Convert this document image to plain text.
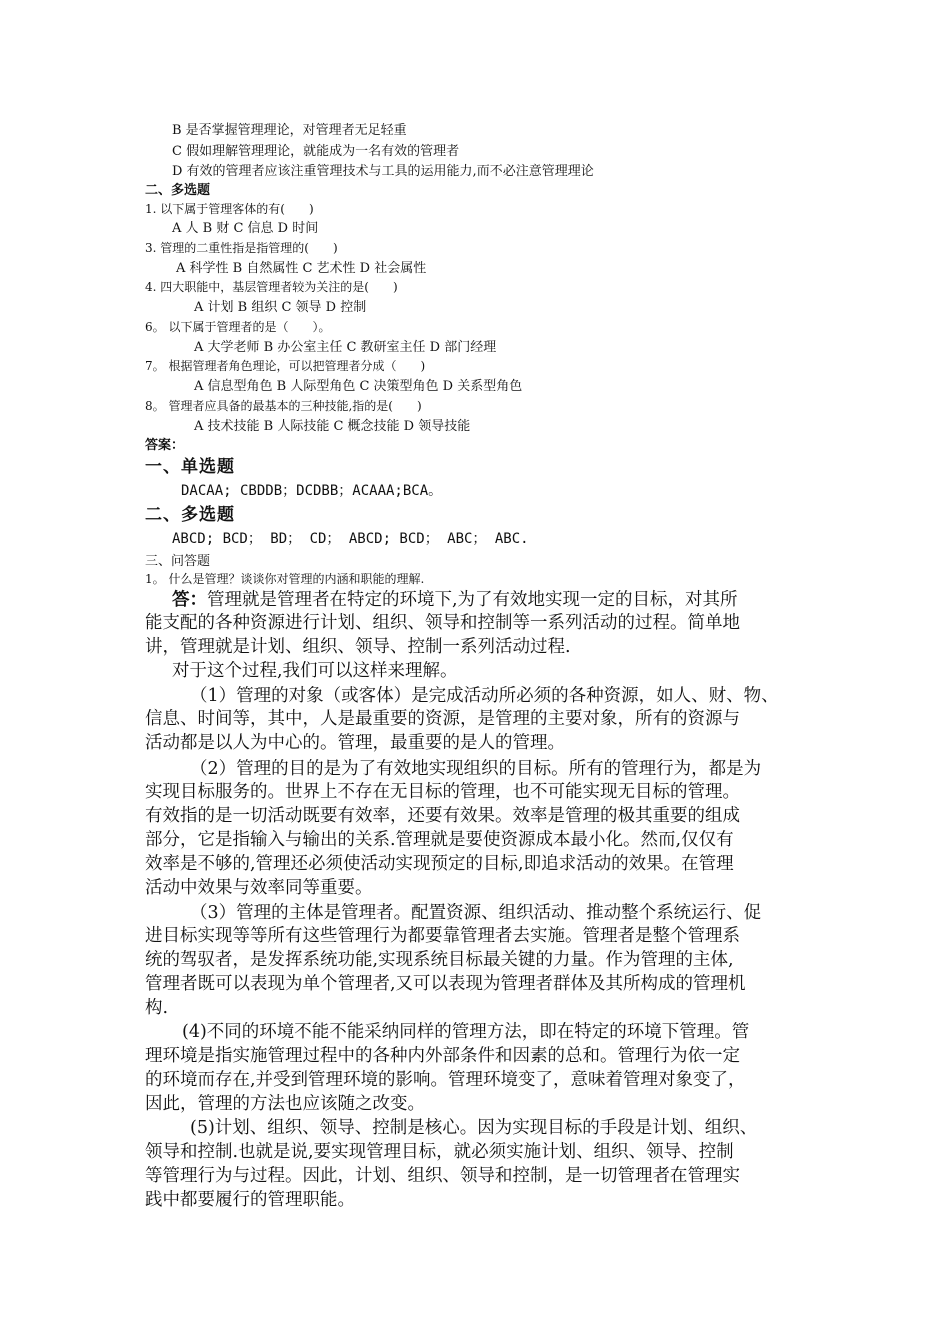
B 是否掌握管理理论，对管理者无足轻重
C 假如理解管理理论，就能成为一名有效的管理者
D 有效的管理者应该注重管理技术与工具的运用能力,而不必注意管理理论
二、多选题
1. 以下属于管理客体的有(　　)
A 人 B 财 C 信息 D 时间
3. 管理的二重性指是指管理的(　　)
A 科学性 B 自然属性 C 艺术性 D 社会属性
4. 四大职能中，基层管理者较为关注的是(　　)
A 计划 B 组织 C 领导 D 控制
6。 以下属于管理者的是（　　）。
A 大学老师 B 办公室主任 C 教研室主任 D 部门经理
7。 根据管理者角色理论，可以把管理者分成（　　)
A 信息型角色 B 人际型角色 C 决策型角色 D 关系型角色
8。 管理者应具备的最基本的三种技能,指的是(　　)
A 技术技能 B 人际技能 C 概念技能 D 领导技能
答案：
一、单选题
DACAA; CBDDB；DCDBB；ACAAA;BCA。
二、多选题
ABCD; BCD； BD； CD； ABCD; BCD； ABC； ABC.
三、问答题
1。 什么是管理？谈谈你对管理的内涵和职能的理解.
答：管理就是管理者在特定的环境下,为了有效地实现一定的目标，对其所
能支配的各种资源进行计划、组织、领导和控制等一系列活动的过程。简单地
讲，管理就是计划、组织、领导、控制一系列活动过程.
对于这个过程,我们可以这样来理解。
（1）管理的对象（或客体）是完成活动所必须的各种资源，如人、财、物、
信息、时间等，其中，人是最重要的资源，是管理的主要对象，所有的资源与
活动都是以人为中心的。管理，最重要的是人的管理。
（2）管理的目的是为了有效地实现组织的目标。所有的管理行为，都是为
实现目标服务的。世界上不存在无目标的管理，也不可能实现无目标的管理。
有效指的是一切活动既要有效率，还要有效果。效率是管理的极其重要的组成
部分，它是指输入与输出的关系.管理就是要使资源成本最小化。然而,仅仅有
效率是不够的,管理还必须使活动实现预定的目标,即追求活动的效果。在管理
活动中效果与效率同等重要。
（3）管理的主体是管理者。配置资源、组织活动、推动整个系统运行、促
进目标实现等等所有这些管理行为都要靠管理者去实施。管理者是整个管理系
统的驾驭者，是发挥系统功能,实现系统目标最关键的力量。作为管理的主体,
管理者既可以表现为单个管理者,又可以表现为管理者群体及其所构成的管理机
构.
(4)不同的环境不能不能采纳同样的管理方法，即在特定的环境下管理。管
理环境是指实施管理过程中的各种内外部条件和因素的总和。管理行为依一定
的环境而存在,并受到管理环境的影响。管理环境变了，意味着管理对象变了，
因此，管理的方法也应该随之改变。
(5)计划、组织、领导、控制是核心。因为实现目标的手段是计划、组织、
领导和控制.也就是说,要实现管理目标，就必须实施计划、组织、领导、控制
等管理行为与过程。因此，计划、组织、领导和控制，是一切管理者在管理实
践中都要履行的管理职能。
